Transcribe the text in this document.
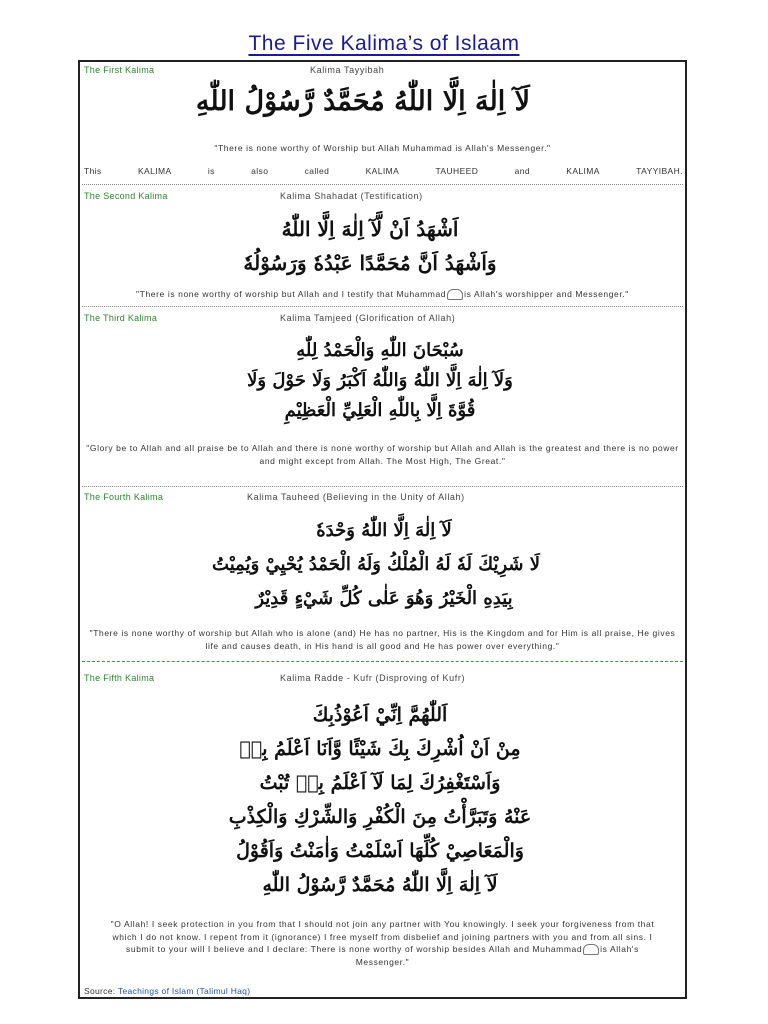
The Five Kalima’s of Islaam
The First Kalima	Kalima Tayyibah
لَآ اِلٰهَ اِلَّا اللّٰهُ مُحَمَّدٌ رَّسُوْلُ اللّٰهِ
"There is none worthy of Worship but Allah Muhammad is Allah's Messenger."
This	KALIMA	is	also	called	KALIMA	TAUHEED	and	KALIMA	TAYYIBAH.
The Second Kalima	Kalima Shahadat (Testification)
اَشْهَدُ اَنْ لَّآ اِلٰهَ اِلَّا اللّٰهُ
وَاَشْهَدُ اَنَّ مُحَمَّدًا عَبْدُهٗ وَرَسُوْلُهٗ
"There is none worthy of worship but Allah and I testify that Muhammad is Allah's worshipper and Messenger."
The Third Kalima	Kalima Tamjeed (Glorification of Allah)
سُبْحَانَ اللّٰهِ وَالْحَمْدُ لِلّٰهِ
وَلَآ اِلٰهَ اِلَّا اللّٰهُ وَاللّٰهُ اَكْبَرُ وَلَا حَوْلَ وَلَا
قُوَّةَ اِلَّا بِاللّٰهِ الْعَلِيِّ الْعَظِيْمِ
"Glory be to Allah and all praise be to Allah and there is none worthy of worship but Allah and Allah is the greatest and there is no power and might except from Allah. The Most High, The Great."
The Fourth Kalima	Kalima Tauheed (Believing in the Unity of Allah)
لَآ اِلٰهَ اِلَّا اللّٰهُ وَحْدَهٗ
لَا شَرِيْكَ لَهٗ لَهُ الْمُلْكُ وَلَهُ الْحَمْدُ يُحْيِيْ وَيُمِيْتُ
بِيَدِهِ الْخَيْرُ وَهُوَ عَلٰى كُلِّ شَيْءٍ قَدِيْرٌ
"There is none worthy of worship but Allah who is alone (and) He has no partner, His is the Kingdom and for Him is all praise, He gives life and causes death, in His hand is all good and He has power over everything."
The Fifth Kalima	Kalima Radde - Kufr (Disproving of Kufr)
اَللّٰهُمَّ اِنِّيْ اَعُوْذُبِكَ
مِنْ اَنْ اُشْرِكَ بِكَ شَيْئًا وَّاَنَا اَعْلَمُ بِهٖ
وَاَسْتَغْفِرُكَ لِمَا لَآ اَعْلَمُ بِهٖ تُبْتُ
عَنْهُ وَتَبَرَّأْتُ مِنَ الْكُفْرِ وَالشِّرْكِ وَالْكِذْبِ
وَالْمَعَاصِيْ كُلِّهَا اَسْلَمْتُ وَاٰمَنْتُ وَاَقُوْلُ
لَآ اِلٰهَ اِلَّا اللّٰهُ مُحَمَّدٌ رَّسُوْلُ اللّٰهِ
"O Allah! I seek protection in you from that I should not join any partner with You knowingly. I seek your forgiveness from that which I do not know. I repent from it (ignorance) I free myself from disbelief and joining partners with you and from all sins. I submit to your will I believe and I declare: There is none worthy of worship besides Allah and Muhammad is Allah's Messenger."
Source: Teachings of Islam (Talimul Haq)
